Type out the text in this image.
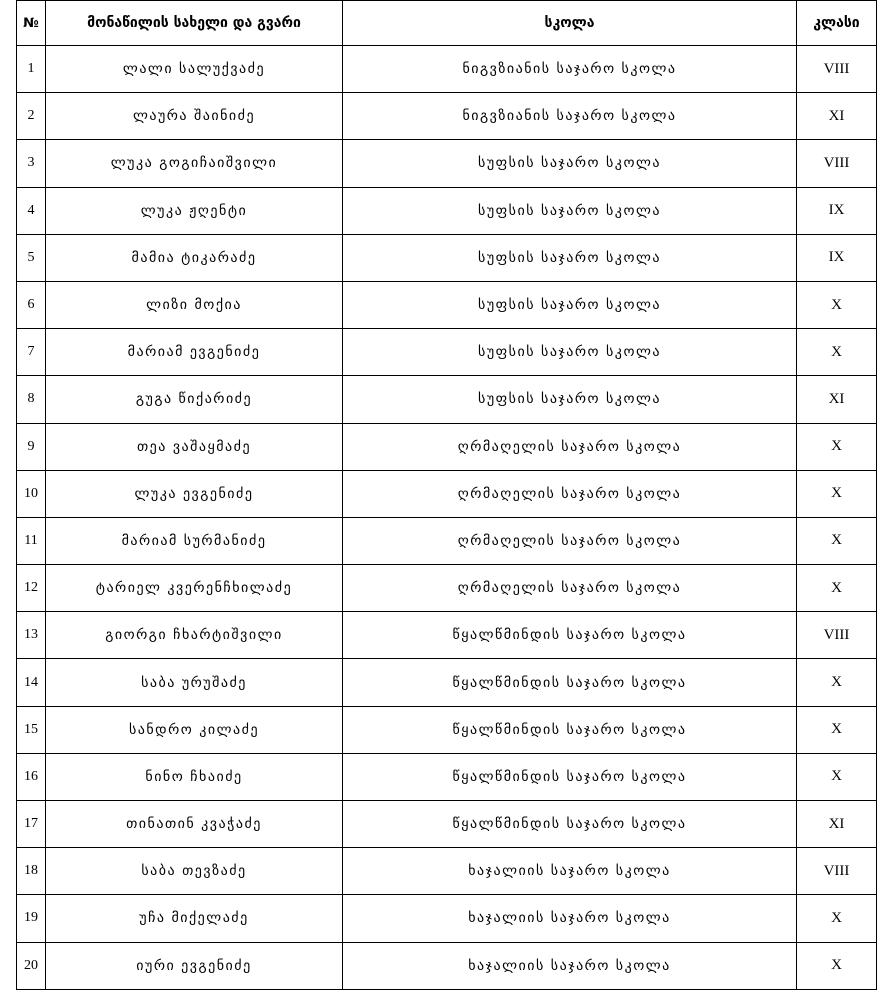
№	მონაწილის სახელი და გვარი	სკოლა	კლასი
1	ლალი სალუქვაძე	ნიგვზიანის საჯარო სკოლა	VIII
2	ლაურა შაინიძე	ნიგვზიანის საჯარო სკოლა	XI
3	ლუკა გოგიჩაიშვილი	სუფსის საჯარო სკოლა	VIII
4	ლუკა ჟღენტი	სუფსის საჯარო სკოლა	IX
5	მამია ტიკარაძე	სუფსის საჯარო სკოლა	IX
6	ლიზი მოქია	სუფსის საჯარო სკოლა	X
7	მარიამ ევგენიძე	სუფსის საჯარო სკოლა	X
8	გუგა წიქარიძე	სუფსის საჯარო სკოლა	XI
9	თეა ვაშაყმაძე	ღრმაღელის საჯარო სკოლა	X
10	ლუკა ევგენიძე	ღრმაღელის საჯარო სკოლა	X
11	მარიამ სურმანიძე	ღრმაღელის საჯარო სკოლა	X
12	ტარიელ კვერენჩხილაძე	ღრმაღელის საჯარო სკოლა	X
13	გიორგი ჩხარტიშვილი	წყალწმინდის საჯარო სკოლა	VIII
14	საბა ურუშაძე	წყალწმინდის საჯარო სკოლა	X
15	სანდრო კილაძე	წყალწმინდის საჯარო სკოლა	X
16	ნინო ჩხაიძე	წყალწმინდის საჯარო სკოლა	X
17	თინათინ კვაჭაძე	წყალწმინდის საჯარო სკოლა	XI
18	საბა თევზაძე	ხაჯალიის საჯარო სკოლა	VIII
19	უჩა მიქელაძე	ხაჯალიის საჯარო სკოლა	X
20	იური ევგენიძე	ხაჯალიის საჯარო სკოლა	X
